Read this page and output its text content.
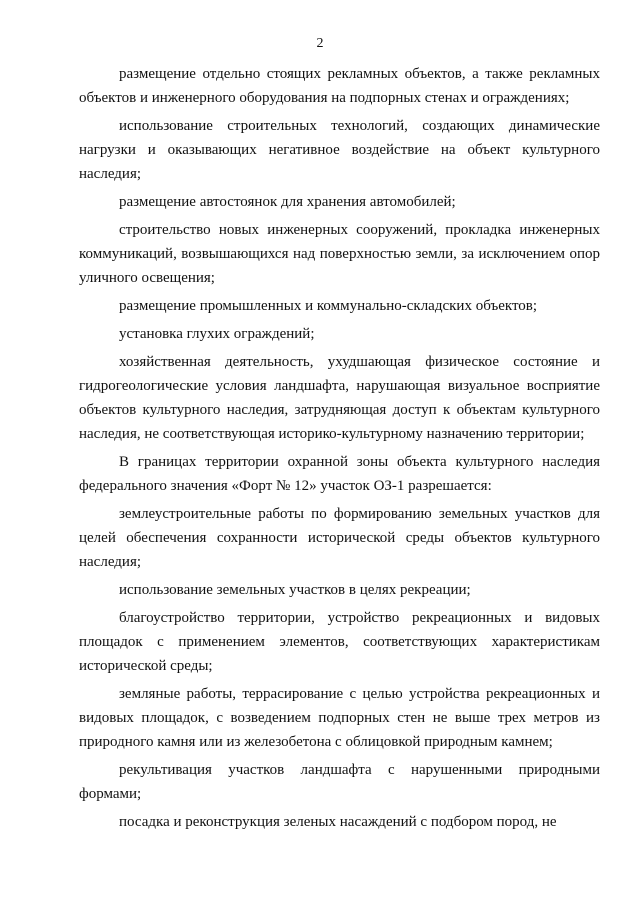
2

размещение отдельно стоящих рекламных объектов, а также рекламных объектов и инженерного оборудования на подпорных стенах и ограждениях;

использование строительных технологий, создающих динамические нагрузки и оказывающих негативное воздействие на объект культурного наследия;

размещение автостоянок для хранения автомобилей;

строительство новых инженерных сооружений, прокладка инженерных коммуникаций, возвышающихся над поверхностью земли, за исключением опор уличного освещения;

размещение промышленных и коммунально-складских объектов;

установка глухих ограждений;

хозяйственная деятельность, ухудшающая физическое состояние и гидрогеологические условия ландшафта, нарушающая визуальное восприятие объектов культурного наследия, затрудняющая доступ к объектам культурного наследия, не соответствующая историко-культурному назначению территории;

В границах территории охранной зоны объекта культурного наследия федерального значения «Форт № 12» участок ОЗ-1 разрешается:

землеустроительные работы по формированию земельных участков для целей обеспечения сохранности исторической среды объектов культурного наследия;

использование земельных участков в целях рекреации;

благоустройство территории, устройство рекреационных и видовых площадок с применением элементов, соответствующих характеристикам исторической среды;

земляные работы, террасирование с целью устройства рекреационных и видовых площадок, с возведением подпорных стен не выше трех метров из природного камня или из железобетона с облицовкой природным камнем;

рекультивация участков ландшафта с нарушенными природными формами;

посадка и реконструкция зеленых насаждений с подбором пород, не
